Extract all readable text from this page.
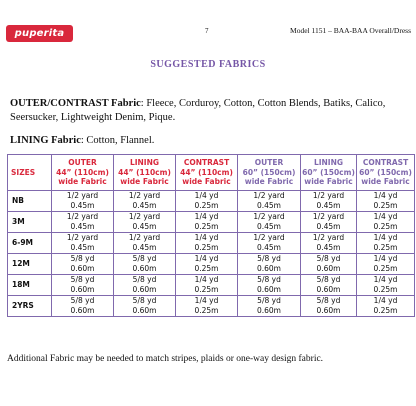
puperita	7	Model 1151 – BAA-BAA Overall/Dress
SUGGESTED FABRICS
OUTER/CONTRAST Fabric: Fleece, Corduroy, Cotton, Cotton Blends, Batiks, Calico, Seersucker, Lightweight Denim, Pique.
LINING Fabric: Cotton, Flannel.
SIZES	OUTER
44” (110cm)
wide Fabric	LINING
44” (110cm)
wide Fabric	CONTRAST
44” (110cm)
wide Fabric	OUTER
60” (150cm)
wide Fabric	LINING
60” (150cm)
wide Fabric	CONTRAST
60” (150cm)
wide Fabric

NB	1/2 yard
0.45m	1/2 yard
0.45m	1/4 yd
0.25m	1/2 yard
0.45m	1/2 yard
0.45m	1/4 yd
0.25m

3M	1/2 yard
0.45m	1/2 yard
0.45m	1/4 yd
0.25m	1/2 yard
0.45m	1/2 yard
0.45m	1/4 yd
0.25m

6-9M	1/2 yard
0.45m	1/2 yard
0.45m	1/4 yd
0.25m	1/2 yard
0.45m	1/2 yard
0.45m	1/4 yd
0.25m

12M	5/8 yd
0.60m	5/8 yd
0.60m	1/4 yd
0.25m	5/8 yd
0.60m	5/8 yd
0.60m	1/4 yd
0.25m

18M	5/8 yd
0.60m	5/8 yd
0.60m	1/4 yd
0.25m	5/8 yd
0.60m	5/8 yd
0.60m	1/4 yd
0.25m

2YRS	5/8 yd
0.60m	5/8 yd
0.60m	1/4 yd
0.25m	5/8 yd
0.60m	5/8 yd
0.60m	1/4 yd
0.25m
Additional Fabric may be needed to match stripes, plaids or one-way design fabric.
